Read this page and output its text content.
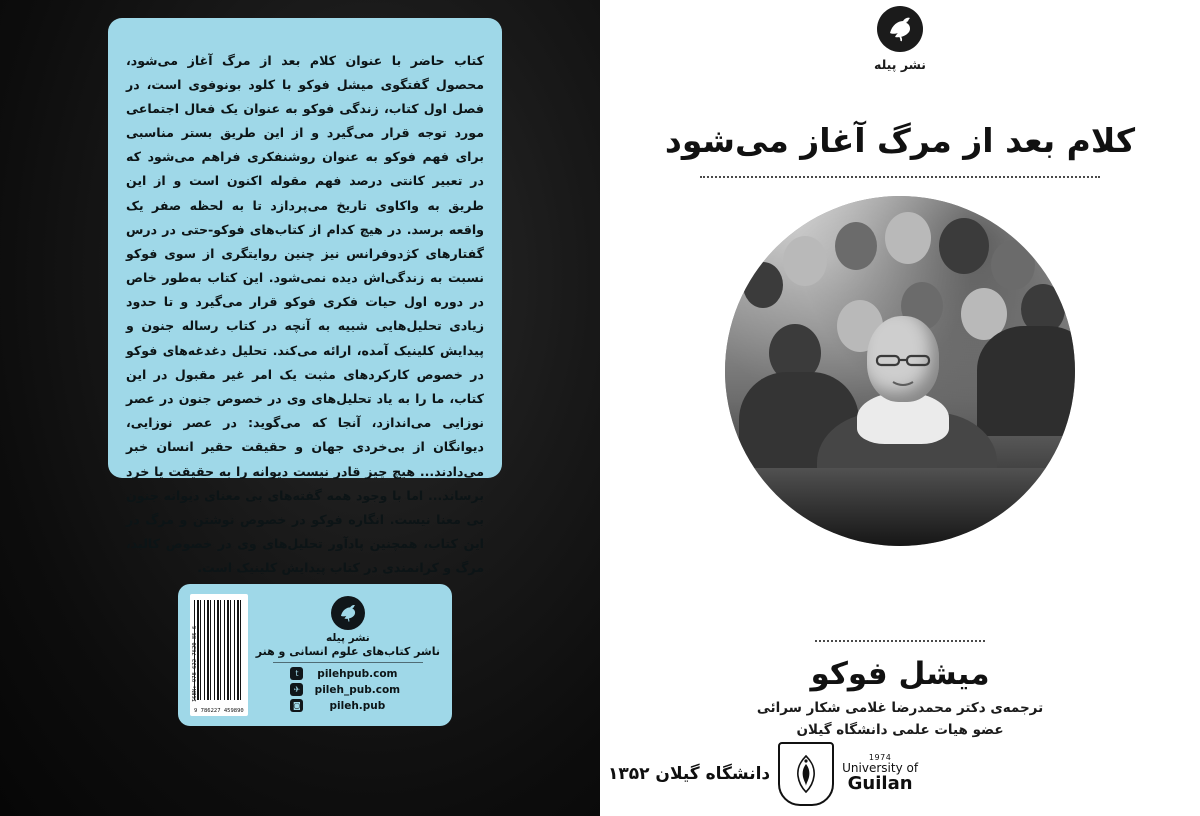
نشر پیله
کلام بعد از مرگ آغاز می‌شود
میشل فوکو
ترجمه‌ی دکتر محمدرضا غلامی شکار سرائی
عضو هیات علمی دانشگاه گیلان
دانشگاه گیلان ۱۳۵۲
1974
University of
Guilan

کتاب حاضر با عنوان کلام بعد از مرگ آغاز می‌شود، محصول گفتگوی میشل فوکو با کلود بونوفوی است، در فصل اول کتاب، زندگی فوکو به عنوان یک فعال اجتماعی مورد توجه قرار می‌گیرد و از این طریق بستر مناسبی برای فهم فوکو به عنوان روشنفکری فراهم می‌شود که در تعبیر کانتی درصد فهم مقوله اکنون است و از این طریق به واکاوی تاریخ می‌پردازد تا به لحظه صفر یک واقعه برسد. در هیچ کدام از کتاب‌های فوکو-حتی در درس گفتارهای کژدوفرانس نیز چنین روایتگری از سوی فوکو نسبت به زندگی‌اش دیده نمی‌شود. این کتاب به‌طور خاص در دوره اول حیات فکری فوکو قرار می‌گیرد و تا حدود زیادی تحلیل‌هایی شبیه به آنچه در کتاب رساله جنون و پیدایش کلینیک آمده، ارائه می‌کند. تحلیل دغدغه‌های فوکو در خصوص کارکردهای مثبت یک امر غیر مقبول در این کتاب، ما را به یاد تحلیل‌های وی در خصوص جنون در عصر نوزایی می‌اندازد، آنجا که می‌گوید: در عصر نوزایی، دیوانگان از بی‌خردی جهان و حقیقت حقیر انسان خبر می‌دادند... هیچ چیز قادر نیست دیوانه را به حقیقت یا خرد برساند... اما با وجود همه گفته‌های بی معنای دیوانه جنون بی معنا نیست. انگاره فوکو در خصوص نوشتن و مرگ در این کتاب، همچنین پاد‌آور تحلیل‌های وی در خصوص کالبد، مرگ و کرانمندی در کتاب پیدایش کلینیک است.

نشر پیله
ناشر کتاب‌های علوم انسانی و هنر
t	pilehpub.com
✈	pileh_pub.com
◙	pileh.pub
ISBN: 978-622-7620-85-6
9 786227 459890
